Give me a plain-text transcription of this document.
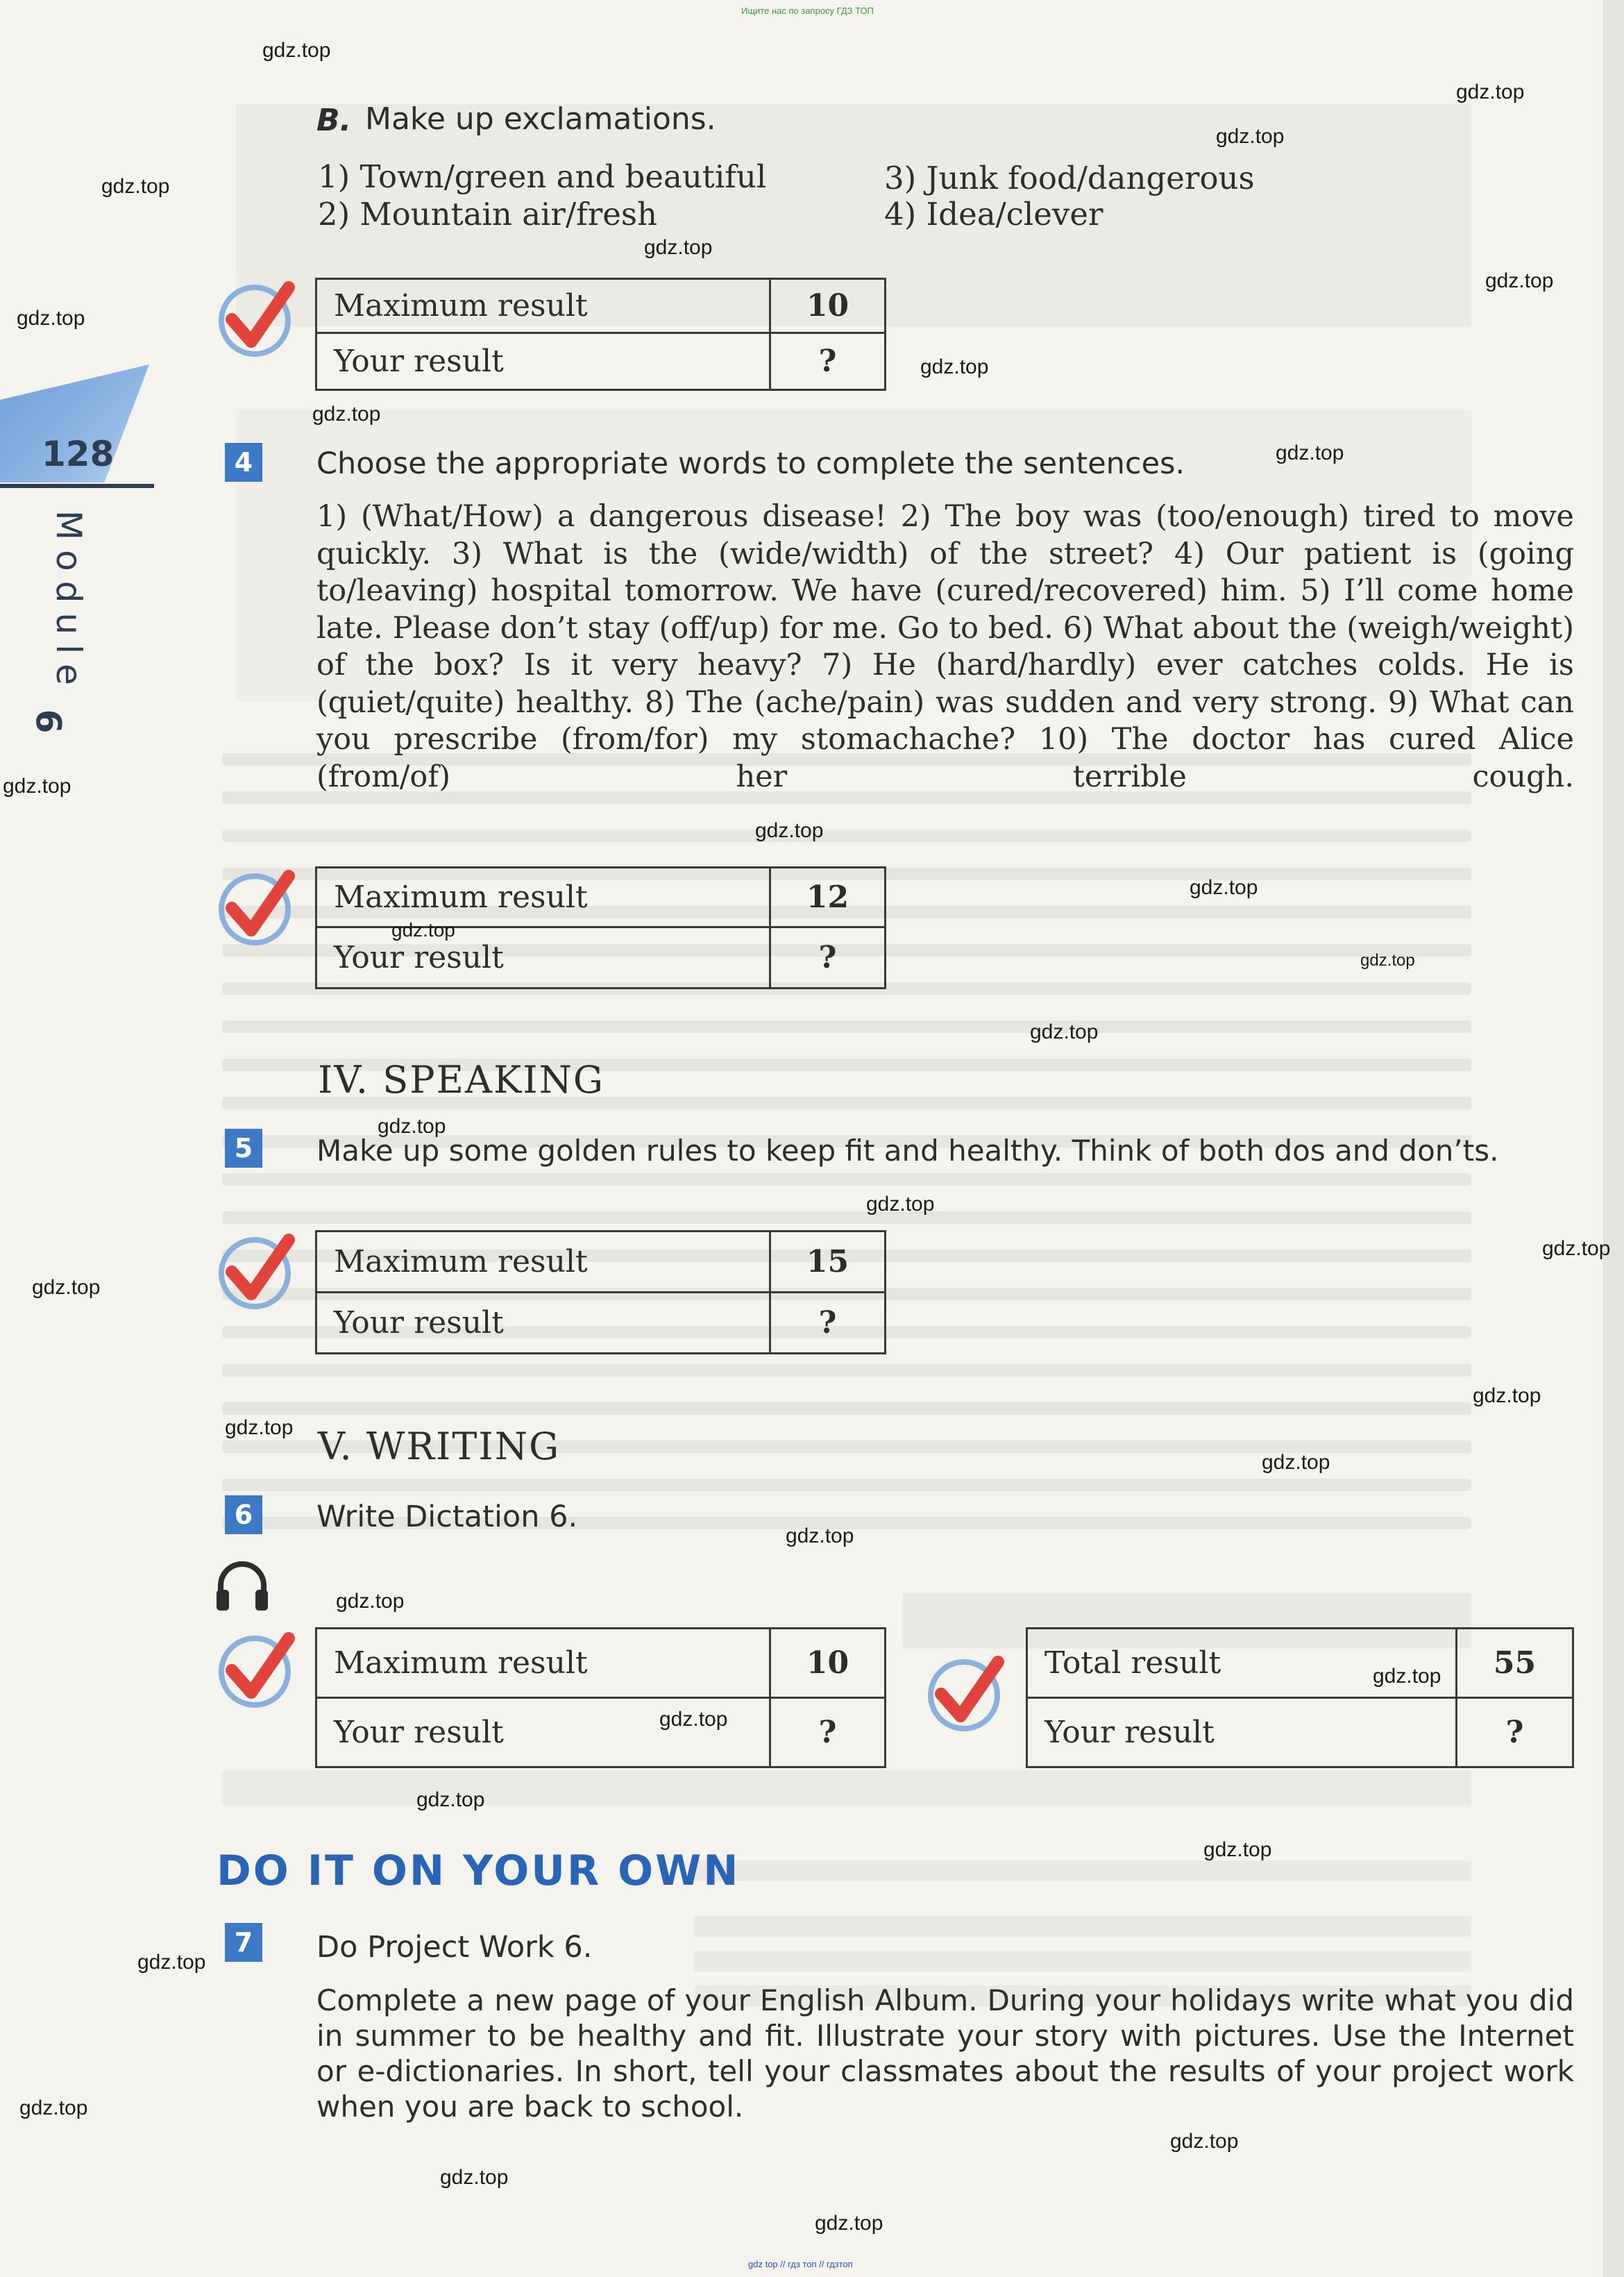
Ищите нас по запросу ГДЗ ТОП
gdz top // гдз топ // гдзтоп
128
Module
6
B. Make up exclamations.
1) Town/green and beautiful
2) Mountain air/fresh
3) Junk food/dangerous
4) Idea/clever
Maximum result	10
Your result	?
4	Choose the appropriate words to complete the sentences.
1) (What/How) a dangerous disease! 2) The boy was (too/enough) tired to move quickly. 3) What is the (wide/width) of the street? 4) Our patient is (going to/leaving) hospital tomorrow. We have (cured/recovered) him. 5) I’ll come home late. Please don’t stay (off/up) for me. Go to bed. 6) What about the (weigh/weight) of the box? Is it very heavy? 7) He (hard/hardly) ever catches colds. He is (quiet/quite) healthy. 8) The (ache/pain) was sudden and very strong. 9) What can you prescribe (from/for) my stomachache? 10) The doctor has cured Alice (from/of) her terrible cough.
Maximum result	12
Your result	?
IV. SPEAKING
5	Make up some golden rules to keep fit and healthy. Think of both dos and don’ts.
Maximum result	15
Your result	?
V. WRITING
6	Write Dictation 6.
Maximum result	10
Your result	?
Total result	55
Your result	?
DO IT ON YOUR OWN
7	Do Project Work 6.
Complete a new page of your English Album. During your holidays write what you did in summer to be healthy and fit. Illustrate your story with pictures. Use the Internet or e-dictionaries. In short, tell your classmates about the results of your project work when you are back to school.
gdz.top
gdz.top
gdz.top
gdz.top
gdz.top
gdz.top
gdz.top
gdz.top
gdz.top
gdz.top
gdz.top
gdz.top
gdz.top
gdz.top
gdz.top
gdz.top
gdz.top
gdz.top
gdz.top
gdz.top
gdz.top
gdz.top
gdz.top
gdz.top
gdz.top
gdz.top
gdz.top
gdz.top
gdz.top
gdz.top
gdz.top
gdz.top
gdz.top
gdz.top
